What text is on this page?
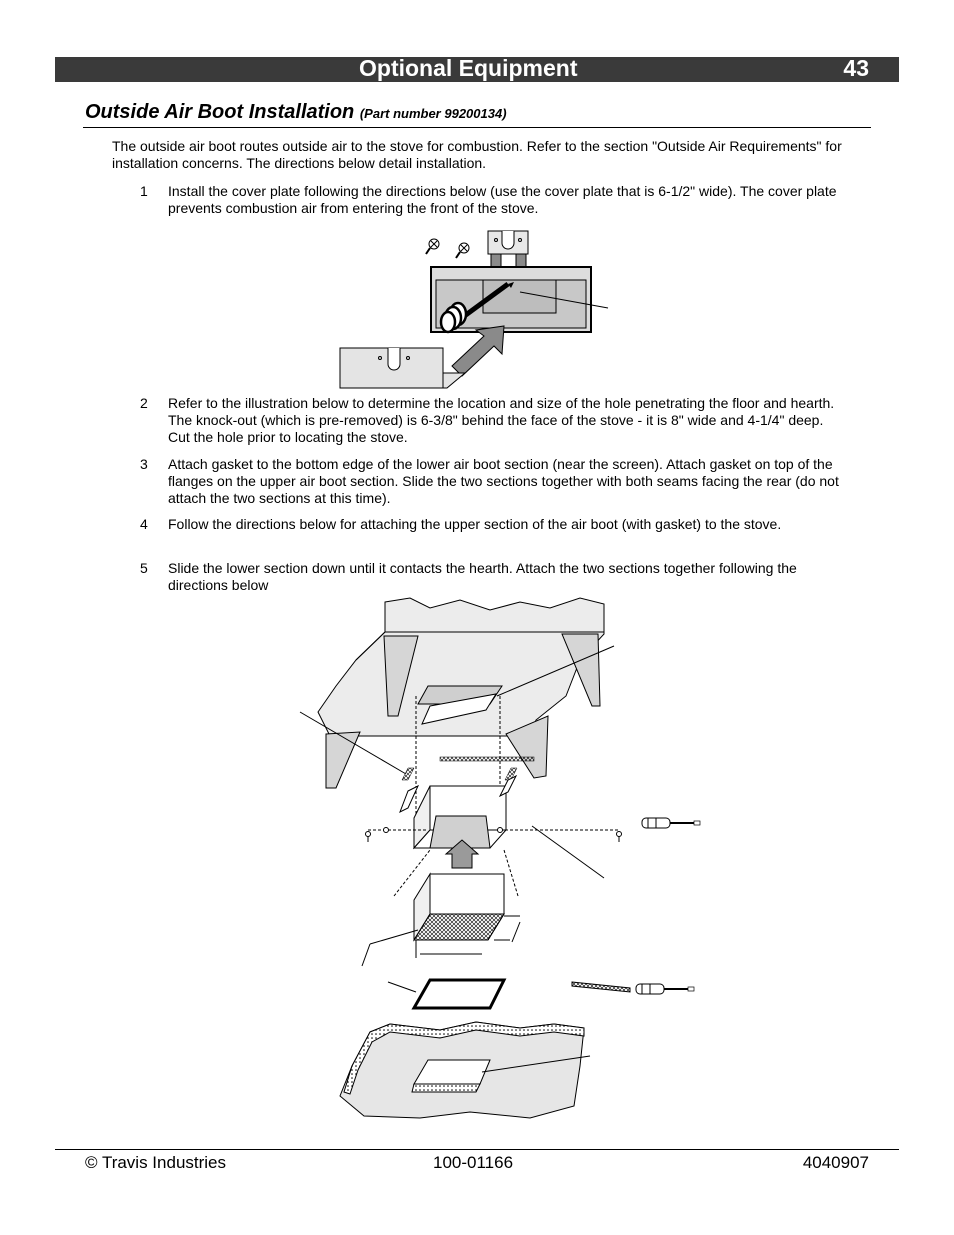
Optional Equipment	43
Outside Air Boot Installation (Part number 99200134)
The outside air boot routes outside air to the stove for combustion. Refer to the section "Outside Air Requirements" for installation concerns. The directions below detail installation.
1 Install the cover plate following the directions below (use the cover plate that is 6-1/2" wide). The cover plate prevents combustion air from entering the front of the stove.
2 Refer to the illustration below to determine the location and size of the hole penetrating the floor and hearth. The knock-out (which is pre-removed) is 6-3/8" behind the face of the stove - it is 8" wide and 4-1/4" deep. Cut the hole prior to locating the stove.
3 Attach gasket to the bottom edge of the lower air boot section (near the screen). Attach gasket on top of the flanges on the upper air boot section. Slide the two sections together with both seams facing the rear (do not attach the two sections at this time).
4 Follow the directions below for attaching the upper section of the air boot (with gasket) to the stove.
5 Slide the lower section down until it contacts the hearth. Attach the two sections together following the directions below
© Travis Industries	100-01166	4040907
